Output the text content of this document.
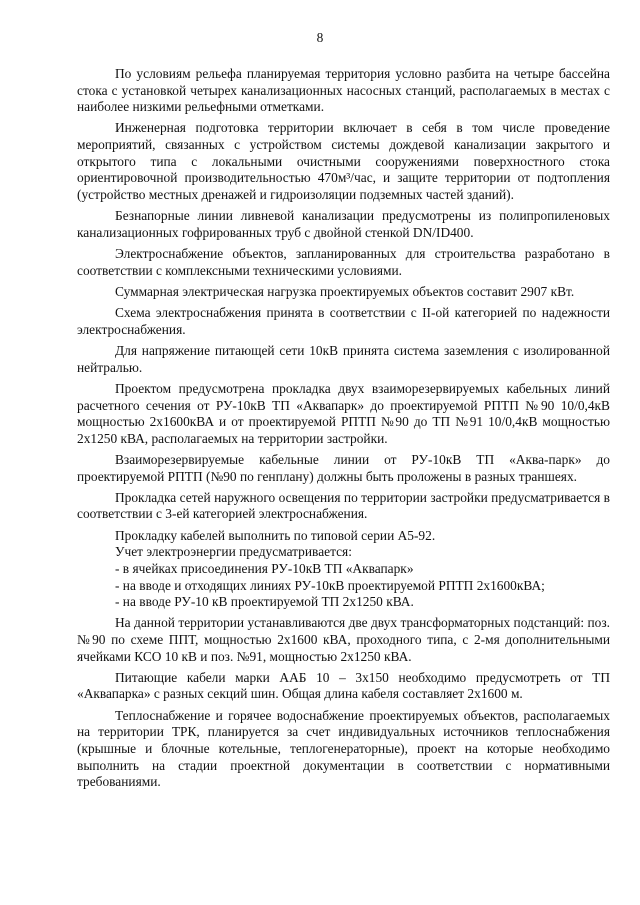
8

По условиям рельефа планируемая территория условно разбита на четыре бассейна стока с установкой четырех канализационных насосных станций, располагаемых в местах с наиболее низкими рельефными отметками.

Инженерная подготовка территории включает в себя в том числе проведение мероприятий, связанных с устройством системы дождевой канализации закрытого и открытого типа с локальными очистными сооружениями поверхностного стока ориентировочной производительностью 470м³/час, и защите территории от подтопления (устройство местных дренажей и гидроизоляции подземных частей зданий).

Безнапорные линии ливневой канализации предусмотрены из полипропиленовых канализационных гофрированных труб с двойной стенкой DN/ID400.

Электроснабжение объектов, запланированных для строительства разработано в соответствии с комплексными техническими условиями.

Суммарная электрическая нагрузка проектируемых объектов составит 2907 кВт.

Схема электроснабжения принята в соответствии с II-ой категорией по надежности электроснабжения.

Для напряжение питающей сети 10кВ принята система заземления с изолированной нейтралью.

Проектом предусмотрена прокладка двух взаиморезервируемых кабельных линий расчетного сечения от РУ-10кВ ТП «Аквапарк» до проектируемой РПТП №90 10/0,4кВ мощностью 2х1600кВА и от проектируемой РПТП №90 до ТП №91 10/0,4кВ мощностью 2х1250 кВА, располагаемых на территории застройки.

Взаиморезервируемые кабельные линии от РУ-10кВ ТП «Аква-парк» до проектируемой РПТП (№90 по генплану) должны быть проложены в разных траншеях.

Прокладка сетей наружного освещения по территории застройки предусматривается в соответствии с 3-ей категорией электроснабжения.

Прокладку кабелей выполнить по типовой серии А5-92.

Учет электроэнергии предусматривается:

- в ячейках присоединения РУ-10кВ ТП «Аквапарк»

- на вводе и отходящих линиях РУ-10кВ проектируемой РПТП 2х1600кВА;

- на вводе РУ-10 кВ проектируемой ТП 2х1250 кВА.

На данной территории устанавливаются две двух трансформаторных подстанций: поз. №90 по схеме ППТ, мощностью 2х1600 кВА, проходного типа, с 2-мя дополнительными ячейками КСО 10 кВ и поз. №91, мощностью 2х1250 кВА.

Питающие кабели марки ААБ 10 – 3х150 необходимо предусмотреть от ТП «Аквапарка» с разных секций шин. Общая длина кабеля составляет 2х1600 м.

Теплоснабжение и горячее водоснабжение проектируемых объектов, располагаемых на территории ТРК, планируется за счет индивидуальных источников теплоснабжения (крышные и блочные котельные, теплогенераторные), проект на которые необходимо выполнить на стадии проектной документации в соответствии с нормативными требованиями.
